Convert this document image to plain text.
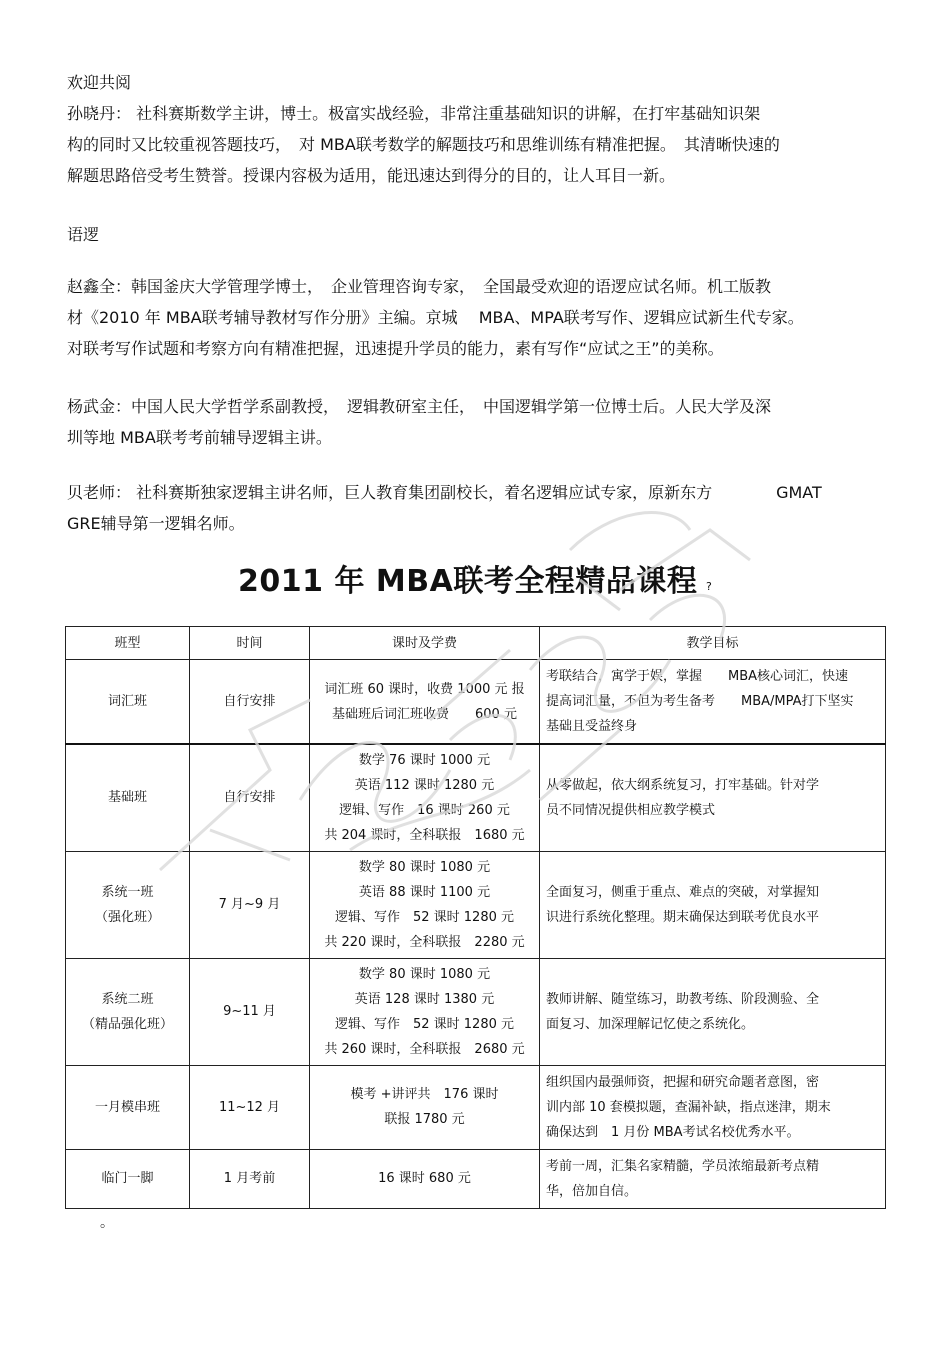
欢迎共阅

孙晓丹： 社科赛斯数学主讲，博士。极富实战经验，非常注重基础知识的讲解，在打牢基础知识架
构的同时又比较重视答题技巧，　对 MBA联考数学的解题技巧和思维训练有精准把握。　其清晰快速的
解题思路倍受考生赞誉。授课内容极为适用，能迅速达到得分的目的，让人耳目一新。

语逻

赵鑫全：韩国釜庆大学管理学博士，　企业管理咨询专家，　全国最受欢迎的语逻应试名师。机工版教
材《2010 年 MBA联考辅导教材写作分册》主编。京城　 MBA、MPA联考写作、逻辑应试新生代专家。
对联考写作试题和考察方向有精准把握，迅速提升学员的能力，素有写作“应试之王”的美称。

杨武金：中国人民大学哲学系副教授，　逻辑教研室主任，　中国逻辑学第一位博士后。人民大学及深
圳等地 MBA联考考前辅导逻辑主讲。

贝老师： 社科赛斯独家逻辑主讲名师，巨人教育集团副校长，着名逻辑应试专家，原新东方　　　　GMAT
GRE辅导第一逻辑名师。

2011 年 MBA联考全程精品课程 ?
班型	时间	课时及学费	教学目标

词汇班	自行安排	词汇班 60 课时，收费 1000 元 报
基础班后词汇班收费　　600 元	考联结合，寓学于娱，掌握　　MBA核心词汇，快速
提高词汇量，不但为考生备考　　MBA/MPA打下坚实
基础且受益终身

基础班	自行安排	数学 76 课时 1000 元
英语 112 课时 1280 元
逻辑、写作　16 课时 260 元
共 204 课时，全科联报　1680 元	从零做起，依大纲系统复习，打牢基础。针对学
员不同情况提供相应教学模式

系统一班
（强化班）	7 月~9 月	数学 80 课时 1080 元
英语 88 课时 1100 元
逻辑、写作　52 课时 1280 元
共 220 课时，全科联报　2280 元	全面复习，侧重于重点、难点的突破，对掌握知
识进行系统化整理。期末确保达到联考优良水平

系统二班
（精品强化班）	9~11 月	数学 80 课时 1080 元
英语 128 课时 1380 元
逻辑、写作　52 课时 1280 元
共 260 课时，全科联报　2680 元	教师讲解、随堂练习，助教考练、阶段测验、全
面复习、加深理解记忆使之系统化。

一月模串班	11~12 月	模考 +讲评共　176 课时
联报 1780 元	组织国内最强师资，把握和研究命题者意图，密
训内部 10 套模拟题，查漏补缺，指点迷津，期末
确保达到　1 月份 MBA考试名校优秀水平。

临门一脚	1 月考前	16 课时 680 元	考前一周，汇集名家精髓，学员浓缩最新考点精
华，倍加自信。
。
